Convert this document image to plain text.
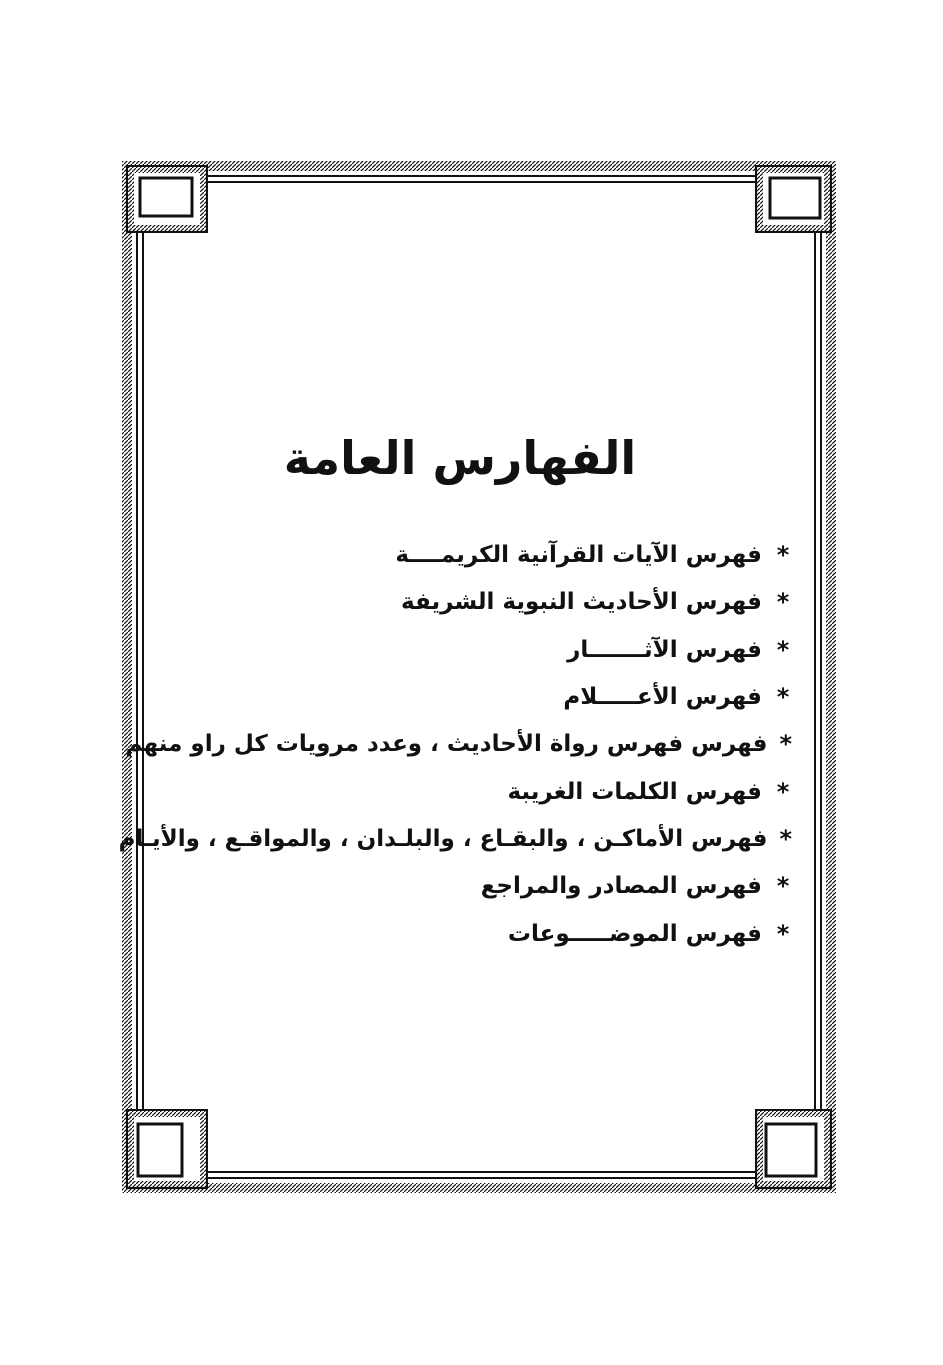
الفهارس العامة
*
فهرس الآيات القرآنية الكريمــــة
*
فهرس الأحاديث النبوية الشريفة
*
فهرس الآثـــــــار
*
فهرس الأعـــــلام
*
فهرس فهرس رواة الأحاديث ، وعدد مرويات كل راو منهم
*
فهرس الكلمات الغريبة
*
فهرس الأماكـن ، والبقـاع ، والبلـدان ، والمواقـع ، والأيـام
*
فهرس المصادر والمراجع
*
فهرس الموضـــــوعات
